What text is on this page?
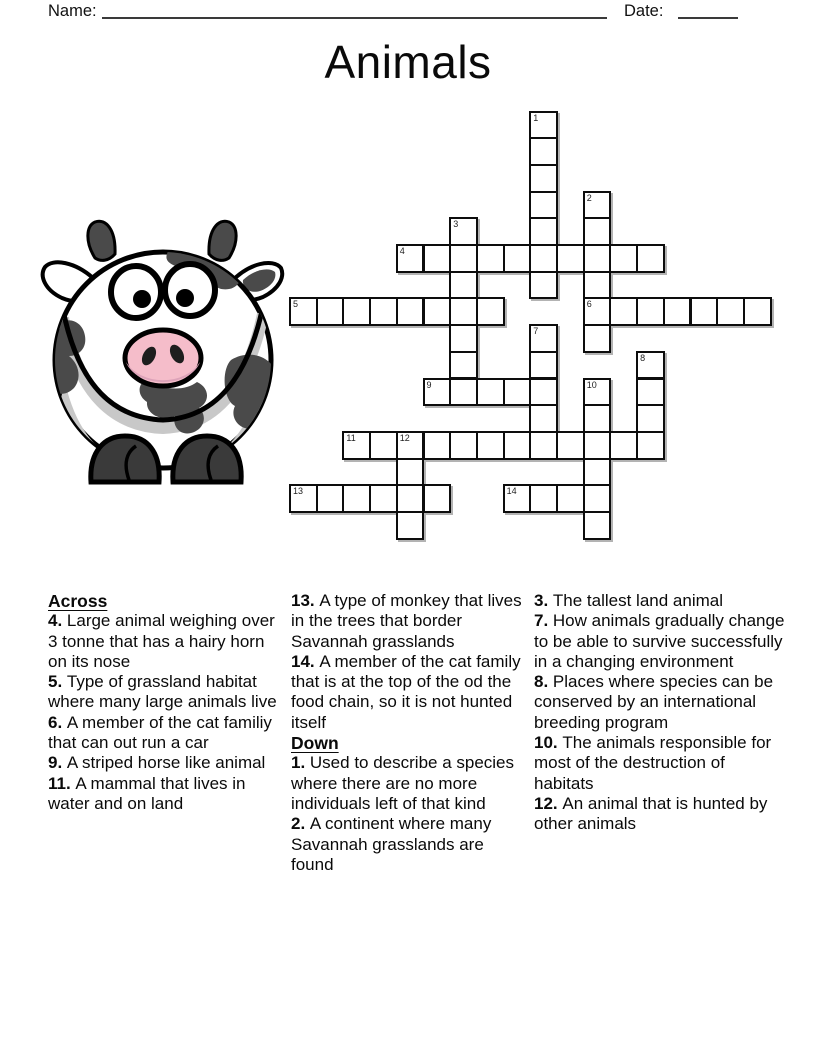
Name:	Date:
Animals
1
2
3
4
5	6
7
8
9	10
11	12
13	14
Across

4. Large animal weighing over 3 tonne that has a hairy horn on its nose

5. Type of grassland habitat where many large animals live

6. A member of the cat familiy that can out run a car

9. A striped horse like animal

11. A mammal that lives in water and on land

13. A type of monkey that lives in the trees that border Savannah grasslands

14. A member of the cat family that is at the top of the od the food chain, so it is not hunted itself

Down

1. Used to describe a species where there are no more individuals left of that kind

2. A continent where many Savannah grasslands are found

3. The tallest land animal

7. How animals gradually change to be able to survive successfully in a changing environment

8. Places where species can be conserved by an international breeding program

10. The animals responsible for most of the destruction of habitats

12. An animal that is hunted by other animals
